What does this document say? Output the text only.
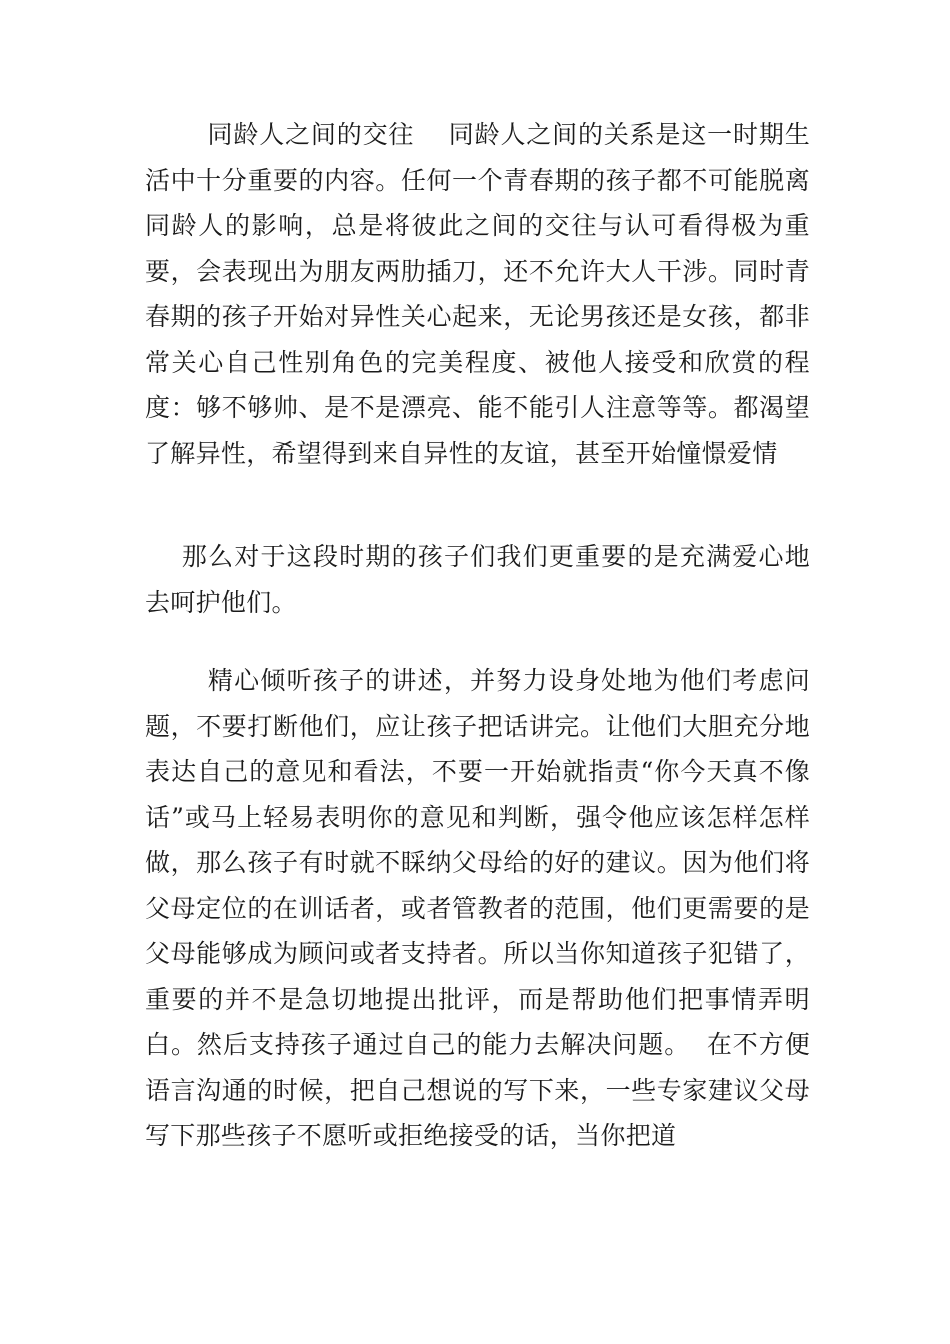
同龄人之间的交往 同龄人之间的关系是这一时期生活中十分重要的内容。任何一个青春期的孩子都不可能脱离同龄人的影响，总是将彼此之间的交往与认可看得极为重要，会表现出为朋友两肋插刀，还不允许大人干涉。同时青春期的孩子开始对异性关心起来，无论男孩还是女孩，都非常关心自己性别角色的完美程度、被他人接受和欣赏的程度：够不够帅、是不是漂亮、能不能引人注意等等。都渴望了解异性，希望得到来自异性的友谊，甚至开始憧憬爱情

那么对于这段时期的孩子们我们更重要的是充满爱心地去呵护他们。

精心倾听孩子的讲述，并努力设身处地为他们考虑问题，不要打断他们，应让孩子把话讲完。让他们大胆充分地表达自己的意见和看法，不要一开始就指责“你今天真不像话”或马上轻易表明你的意见和判断，强令他应该怎样怎样做，那么孩子有时就不睬纳父母给的好的建议。因为他们将父母定位的在训话者，或者管教者的范围，他们更需要的是父母能够成为顾问或者支持者。所以当你知道孩子犯错了，重要的并不是急切地提出批评，而是帮助他们把事情弄明白。然后支持孩子通过自己的能力去解决问题。 在不方便语言沟通的时候，把自己想说的写下来，一些专家建议父母写下那些孩子不愿听或拒绝接受的话，当你把道
